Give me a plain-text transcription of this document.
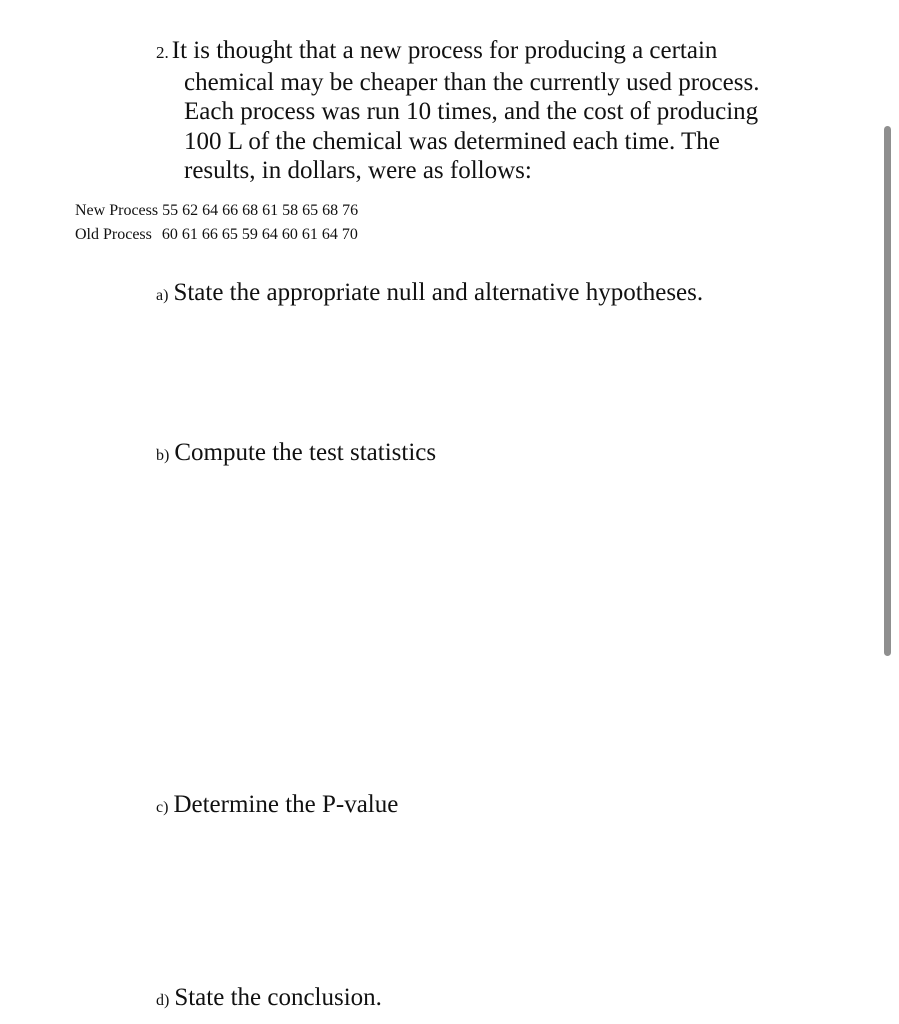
2. It is thought that a new process for producing a certain
chemical may be cheaper than the currently used process.
Each process was run 10 times, and the cost of producing
100 L of the chemical was determined each time. The
results, in dollars, were as follows:
New Process 55 62 64 66 68 61 58 65 68 76
Old Process 60 61 66 65 59 64 60 61 64 70
a) State the appropriate null and alternative hypotheses.
b) Compute the test statistics
c) Determine the P-value
d) State the conclusion.
